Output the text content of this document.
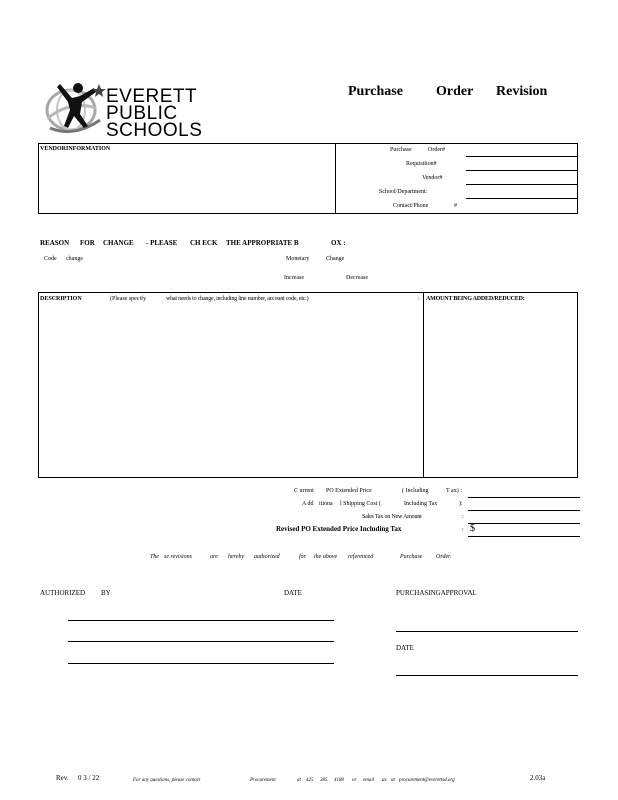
EVERETT
PUBLIC
SCHOOLS
Purchase Order Revision
VENDORINFORMATION	Purchase	Order#
Requisition#
Vendor#
School/Department:
Contact/Phone	#
REASON FOR CHANGE - PLEASE CH ECK THE APPROPRIATE B	OX :
Code change	Monetary	Change
Increase	Decrease
DESCRIPTION	(Please specify	what needs to change, including line number, account code, etc.)	: AMOUNT BEING ADDED/REDUCED:
C urrent PO Extended Price	( Including	T ax) :
A dd itiona l Shipping Cost (	Including Tax	):
Sales Tax on New Amount	:
Revised PO Extended Price Including Tax	: $
The se revisions	are hereby authorized	for the above referenced	Purchase Order.
AUTHORIZED BY	DATE	PURCHASINGAPPROVAL
DATE
Rev. 0 3 / 22	For any questions, please contact	Procurement	at 425 385 4180 or email us at procurement@everettsd.org	2.03a
